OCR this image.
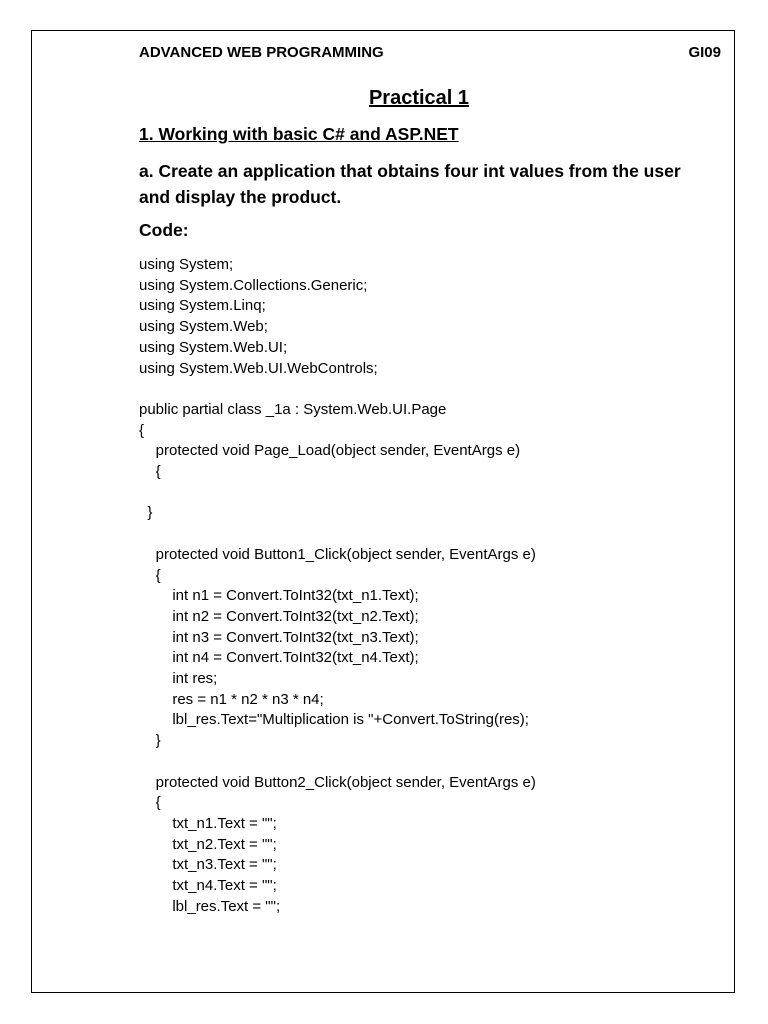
ADVANCED WEB PROGRAMMING	GI09
Practical 1
1. Working with basic C# and ASP.NET
a. Create an application that obtains four int values from the user and display the product.
Code:
using System;
using System.Collections.Generic;
using System.Linq;
using System.Web;
using System.Web.UI;
using System.Web.UI.WebControls;

public partial class _1a : System.Web.UI.Page
{
protected void Page_Load(object sender, EventArgs e)
{

}

protected void Button1_Click(object sender, EventArgs e)
{
int n1 = Convert.ToInt32(txt_n1.Text);
int n2 = Convert.ToInt32(txt_n2.Text);
int n3 = Convert.ToInt32(txt_n3.Text);
int n4 = Convert.ToInt32(txt_n4.Text);
int res;
res = n1 * n2 * n3 * n4;
lbl_res.Text="Multiplication is "+Convert.ToString(res);
}

protected void Button2_Click(object sender, EventArgs e)
{
txt_n1.Text = "";
txt_n2.Text = "";
txt_n3.Text = "";
txt_n4.Text = "";
lbl_res.Text = "";
